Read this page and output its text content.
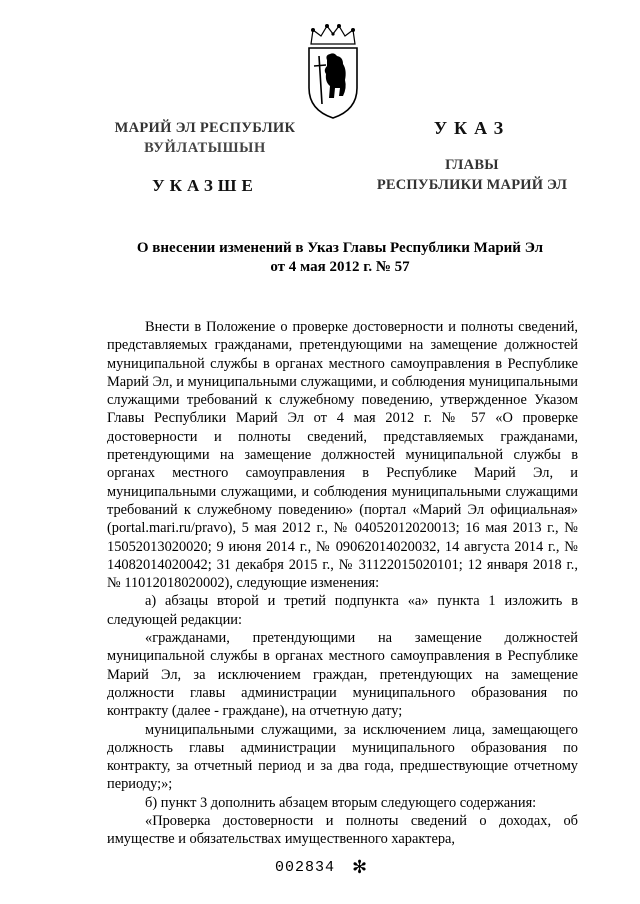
МАРИЙ ЭЛ РЕСПУБЛИК
ВУЙЛАТЫШЫН
УКАЗШЕ
УКАЗ
ГЛАВЫ
РЕСПУБЛИКИ МАРИЙ ЭЛ
О внесении изменений в Указ Главы Республики Марий Эл
от 4 мая 2012 г. № 57

Внести в Положение о проверке достоверности и полноты сведений, представляемых гражданами, претендующими на замещение должностей муниципальной службы в органах местного самоуправления в Республике Марий Эл, и муниципальными служащими, и соблюдения муниципальными служащими требований к служебному поведению, утвержденное Указом Главы Республики Марий Эл от 4 мая 2012 г. № 57 «О проверке достоверности и полноты сведений, представляемых гражданами, претендующими на замещение должностей муниципальной службы в органах местного самоуправления в Республике Марий Эл, и муниципальными служащими, и соблюдения муниципальными служащими требований к служебному поведению» (портал «Марий Эл официальная» (portal.mari.ru/pravo), 5 мая 2012 г., № 04052012020013; 16 мая 2013 г., № 15052013020020; 9 июня 2014 г., № 09062014020032, 14 августа 2014 г., № 14082014020042; 31 декабря 2015 г., № 31122015020101; 12 января 2018 г., № 11012018020002), следующие изменения:

а) абзацы второй и третий подпункта «а» пункта 1 изложить в следующей редакции:

«гражданами, претендующими на замещение должностей муниципальной службы в органах местного самоуправления в Республике Марий Эл, за исключением граждан, претендующих на замещение должности главы администрации муниципального образования по контракту (далее - граждане), на отчетную дату;

муниципальными служащими, за исключением лица, замещающего должность главы администрации муниципального образования по контракту, за отчетный период и за два года, предшествующие отчетному периоду;»;

б) пункт 3 дополнить абзацем вторым следующего содержания:

«Проверка достоверности и полноты сведений о доходах, об имуществе и обязательствах имущественного характера,

002834 ✻
